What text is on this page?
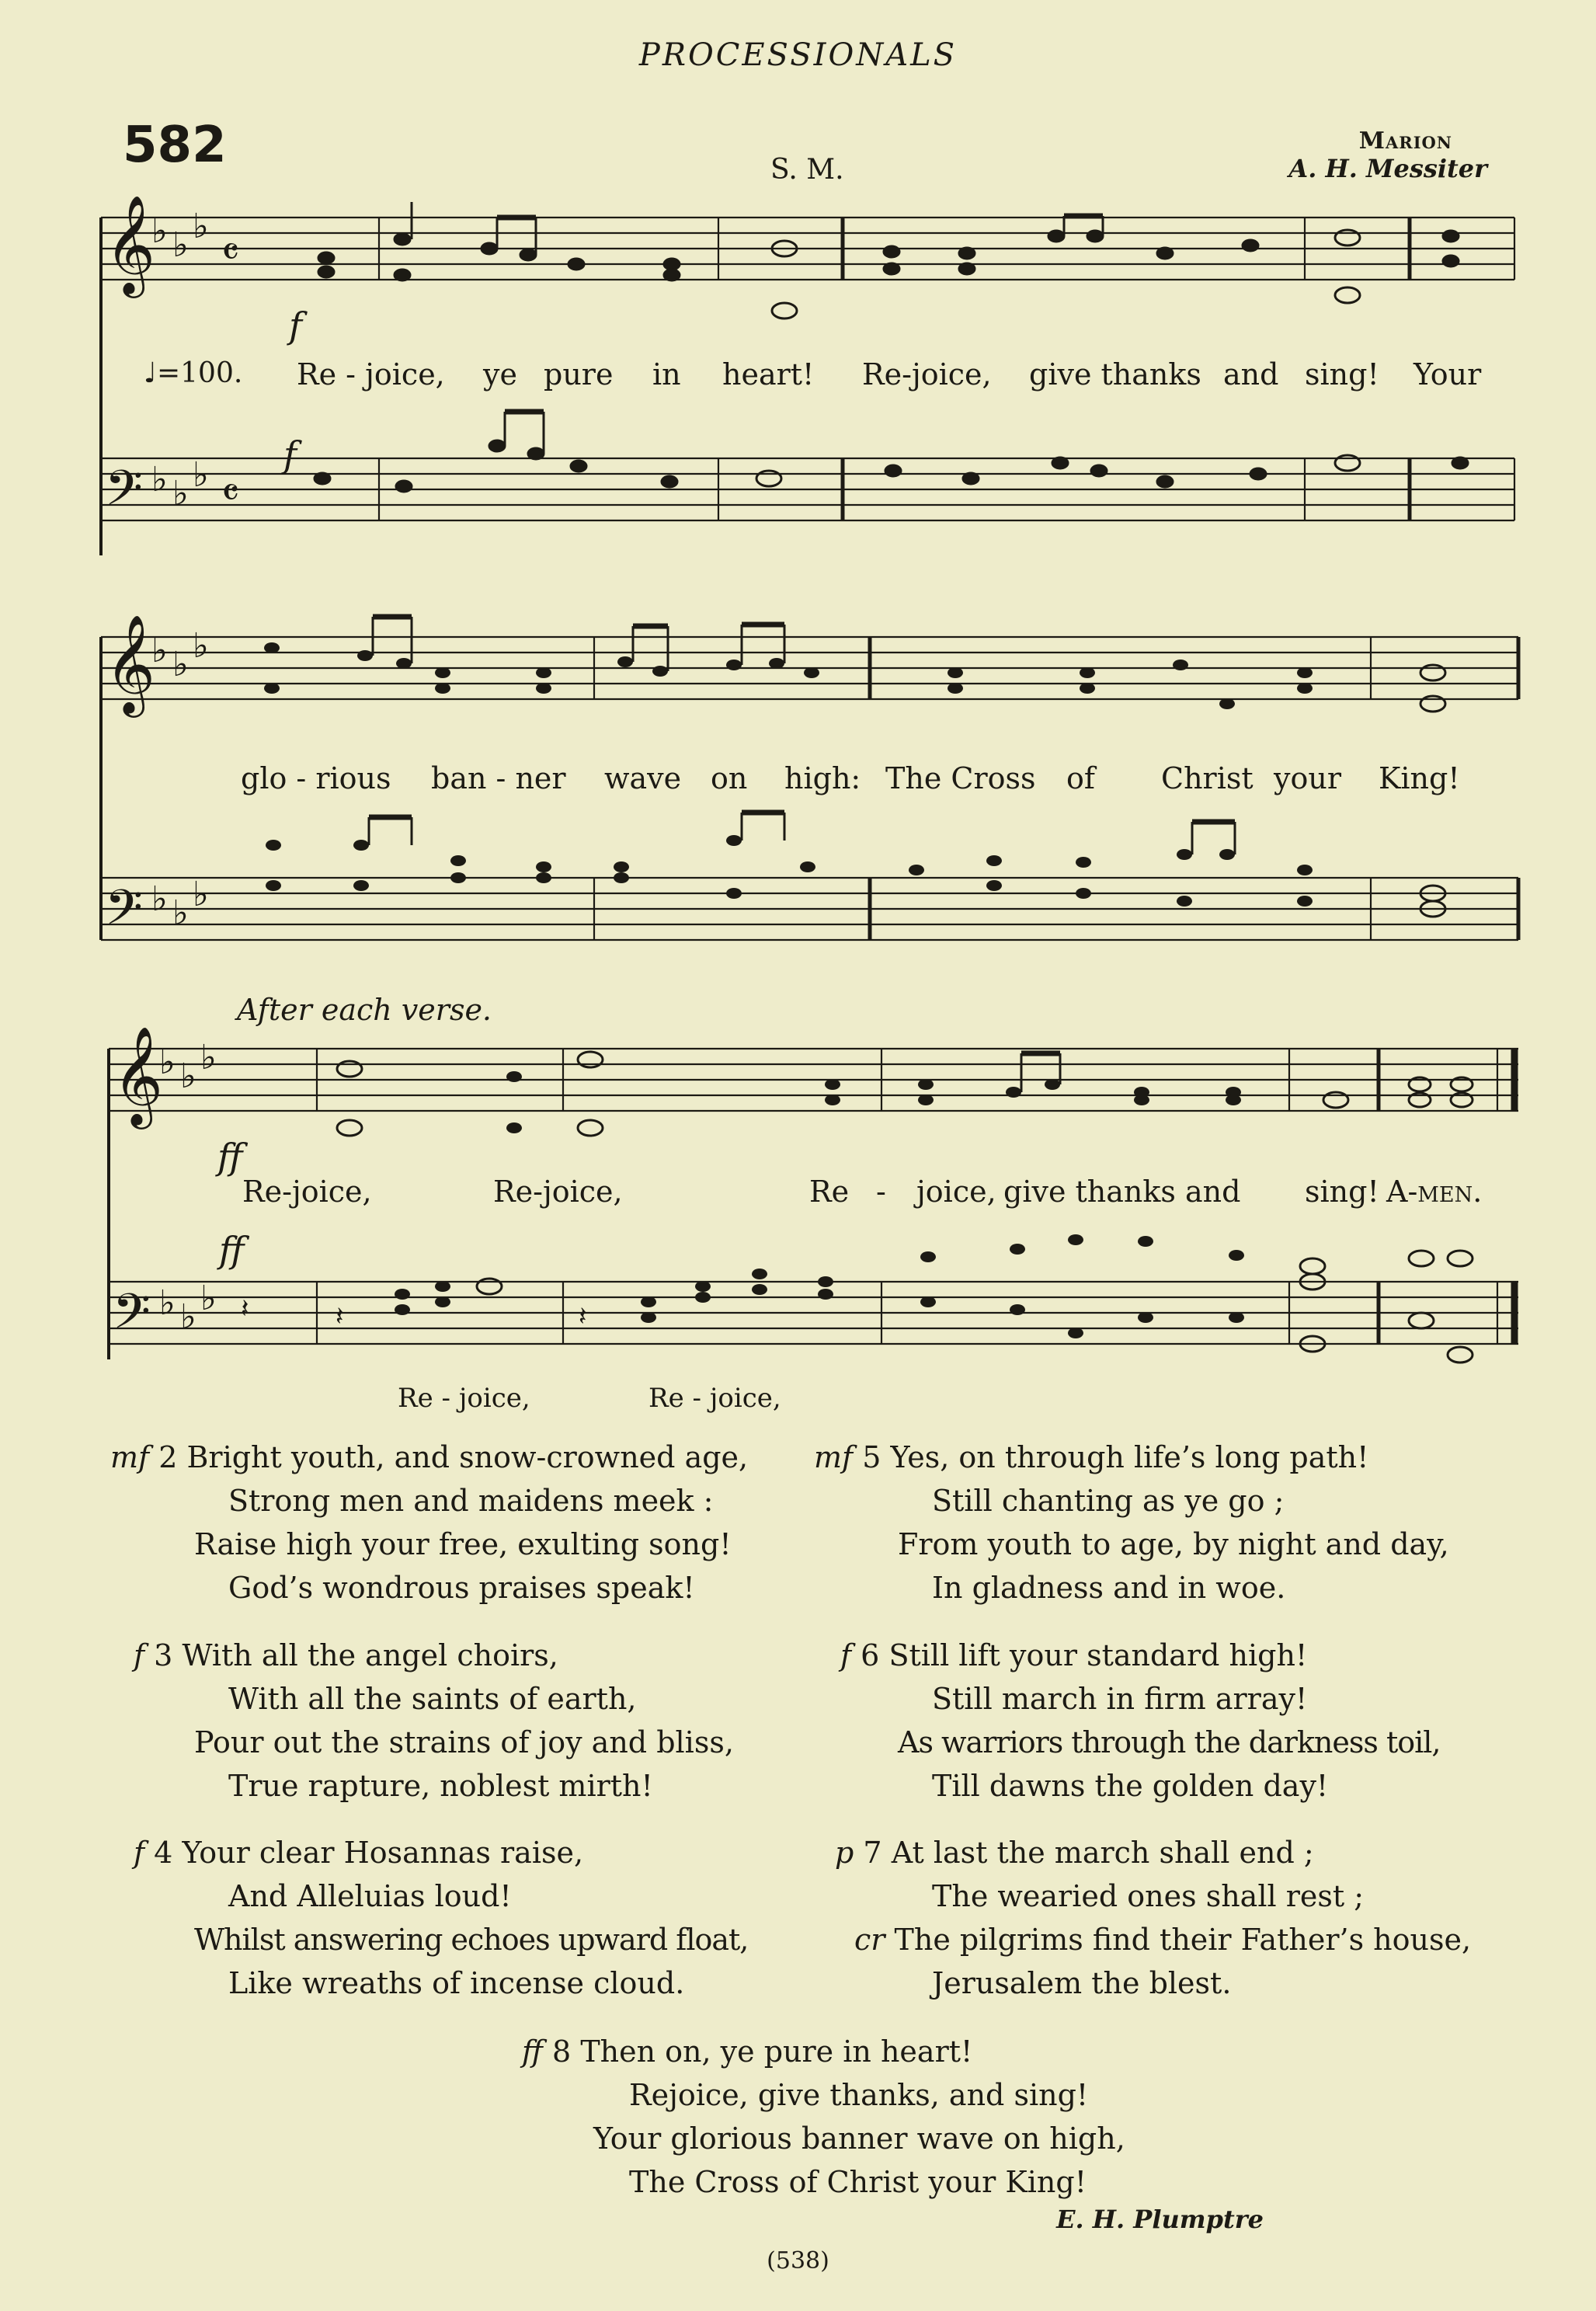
PROCESSIONALS
582	S. M.
Marion
A. H. Messiter
𝄞
𝄢
♭ ♭ ♭
♭ ♭ ♭
𝄴
𝄴
♩=100.
f
f
Re - joice, ye pure in heart! Re-joice, give thanks and sing! Your
𝄞
𝄢
♭ ♭ ♭
♭ ♭ ♭
glo - rious ban - ner wave on high: The Cross of Christ your King!
After each verse.
𝄞
𝄢
♭ ♭ ♭
♭ ♭ ♭ 𝄽	𝄽	𝄽
ff
ff
Re-joice,	Re-joice,	Re - joice, give thanks and sing! A-men.
Re - joice,	Re - joice,
mf 2 Bright youth, and snow-crowned age,
Strong men and maidens meek :
Raise high your free, exulting song!
God’s wondrous praises speak!
f 3 With all the angel choirs,
With all the saints of earth,
Pour out the strains of joy and bliss,
True rapture, noblest mirth!
f 4 Your clear Hosannas raise,
And Alleluias loud!
Whilst answering echoes upward float,
Like wreaths of incense cloud.
mf 5 Yes, on through life’s long path!
Still chanting as ye go ;
From youth to age, by night and day,
In gladness and in woe.
f 6 Still lift your standard high!
Still march in firm array!
As warriors through the darkness toil,
Till dawns the golden day!
p 7 At last the march shall end ;
The wearied ones shall rest ;
cr The pilgrims find their Father’s house,
Jerusalem the blest.
ff 8 Then on, ye pure in heart!
Rejoice, give thanks, and sing!
Your glorious banner wave on high,
The Cross of Christ your King!
E. H. Plumptre
(538)
